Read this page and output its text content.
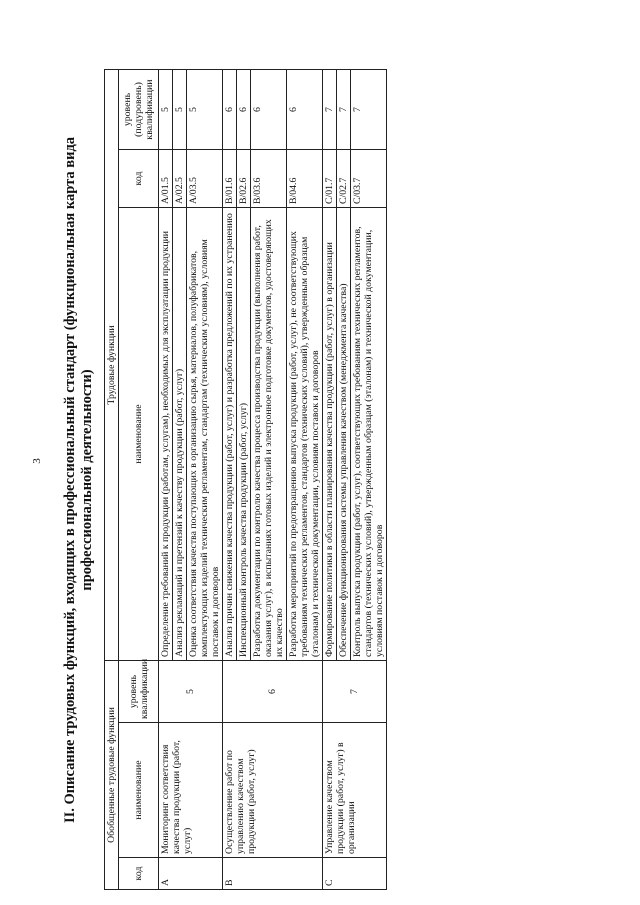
3 II. Описание трудовых функций, входящих в профессиональный стандарт (функциональная карта вида профессиональной деятельности)
Обобщенные трудовые функции			Трудовые функции		
код	наименование	уровень квалификации	наименование	код	уровень (подуровень) квалификации
A	Мониторинг соответствия качества продукции (работ, услуг)	5	Определение требований к продукции (работам, услугам), необходимых для эксплуатации продукции	A/01.5	5
			Анализ рекламаций и претензий к качеству продукции (работ, услуг)	A/02.5	5
			Оценка соответствия качества поступающих в организацию сырья, материалов, полуфабрикатов, комплектующих изделий техническим регламентам, стандартам (техническим условиям), условиям поставок и договоров	A/03.5	5
B	Осуществление работ по управлению качеством продукции (работ, услуг)	6	Анализ причин снижения качества продукции (работ, услуг) и разработка предложений по их устранению	B/01.6	6
			Инспекционный контроль качества продукции (работ, услуг)	B/02.6	6
			Разработка документации по контролю качества процесса производства продукции (выполнения работ, оказания услуг), в испытаниях готовых изделий и электронное подготовке документов, удостоверяющих их качество	B/03.6	6
			Разработка мероприятий по предотвращению выпуска продукции (работ, услуг), не соответствующих требованиям технических регламентов, стандартов (технических условий), утвержденным образцам (эталонам) и технической документации, условиям поставок и договоров	B/04.6	6
C	Управление качеством продукции (работ, услуг) в организации	7	Формирование политики в области планирования качества продукции (работ, услуг) в организации	C/01.7	7
			Обеспечение функционирования системы управления качеством (менеджмента качества)	C/02.7	7
			Контроль выпуска продукции (работ, услуг), соответствующих требованиям технических регламентов, стандартов (технических условий), утвержденным образцам (эталонам) и технической документации, условиям поставок и договоров	C/03.7	7
